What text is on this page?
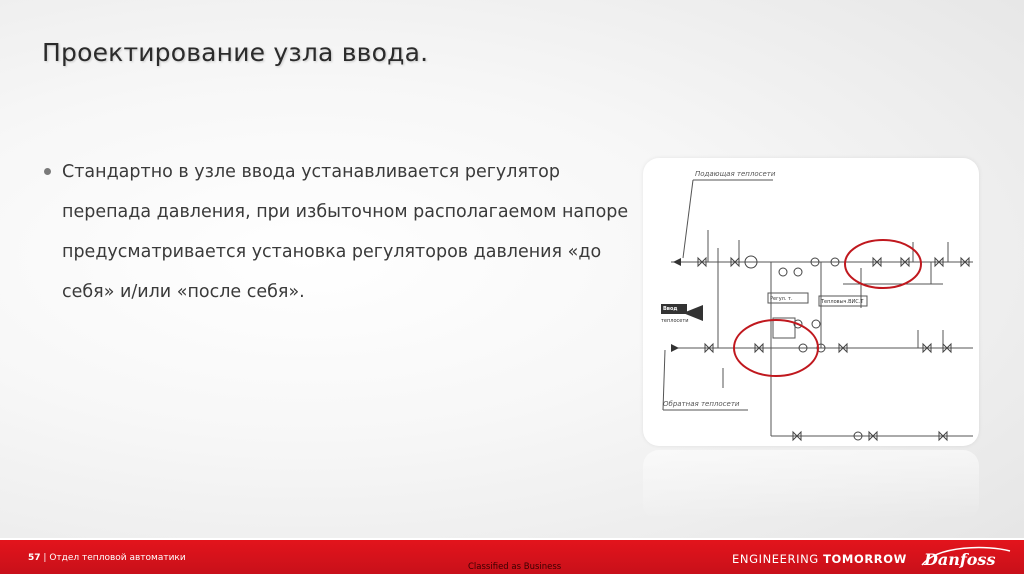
Проектирование узла ввода.
Стандартно в узле ввода устанавливается регулятор перепада давления, при избыточном располагаемом напоре предусматривается установка регуляторов давления «до себя» и/или «после себя».
Подающая теплосети
Обратная теплосети
Ввод
теплосети
Регул. т.	Тепловыч.ВИС.Т
57 | Отдел тепловой автоматики
Classified as Business
ENGINEERING TOMORROW Danfoss
